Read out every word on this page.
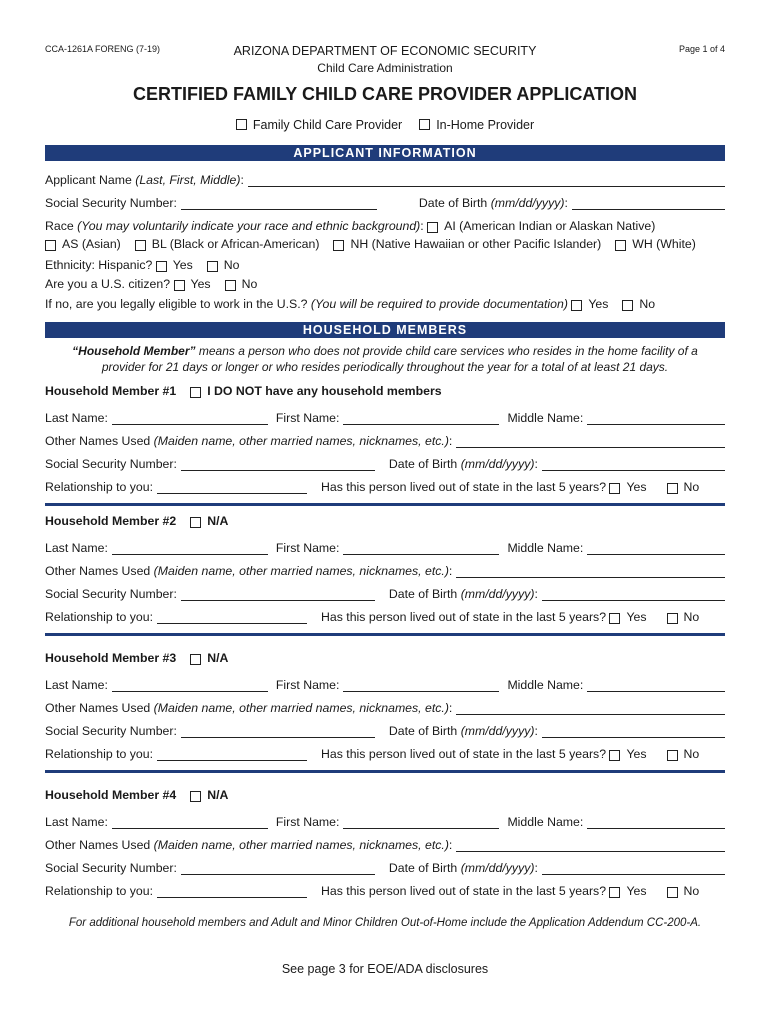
CCA-1261A FORENG (7-19)	Page 1 of 4
ARIZONA DEPARTMENT OF ECONOMIC SECURITY
Child Care Administration
CERTIFIED FAMILY CHILD CARE PROVIDER APPLICATION
Family Child Care Provider	In-Home Provider
APPLICANT INFORMATION
Applicant Name
(Last, First, Middle) :
Social Security Number:	Date of Birth
(mm/dd/yyyy) :
Race
(You may voluntarily indicate your race and ethnic background) : AI (American Indian or Alaskan Native)
AS (Asian)	BL (Black or African-American)	NH (Native Hawaiian or other Pacific Islander)	WH (White)
Ethnicity: Hispanic?
Yes	No
Are you a U.S. citizen?
Yes	No
If no, are you legally eligible to work in the U.S.?
(You will be required to provide documentation)
Yes	No
HOUSEHOLD MEMBERS
“Household Member” means a person who does not provide child care services who resides in the home facility of a
provider for 21 days or longer or who resides periodically throughout the year for a total of at least 21 days.
Household Member #1	I DO NOT have any household members
Last Name:	First Name:	Middle Name:
Other Names Used
(Maiden name, other married names, nicknames, etc.) :
Social Security Number:	Date of Birth
(mm/dd/yyyy) :
Relationship to you:	Has this person lived out of state in the last 5 years?
Yes	No
Household Member #2	N/A
Last Name:	First Name:	Middle Name:
Other Names Used
(Maiden name, other married names, nicknames, etc.) :
Social Security Number:	Date of Birth
(mm/dd/yyyy) :
Relationship to you:	Has this person lived out of state in the last 5 years?
Yes	No
Household Member #3	N/A
Last Name:	First Name:	Middle Name:
Other Names Used
(Maiden name, other married names, nicknames, etc.) :
Social Security Number:	Date of Birth
(mm/dd/yyyy) :
Relationship to you:	Has this person lived out of state in the last 5 years?
Yes	No
Household Member #4	N/A
Last Name:	First Name:	Middle Name:
Other Names Used
(Maiden name, other married names, nicknames, etc.) :
Social Security Number:	Date of Birth
(mm/dd/yyyy) :
Relationship to you:	Has this person lived out of state in the last 5 years?
Yes	No
For additional household members and Adult and Minor Children Out-of-Home include the Application Addendum CC-200-A.
See page 3 for EOE/ADA disclosures
